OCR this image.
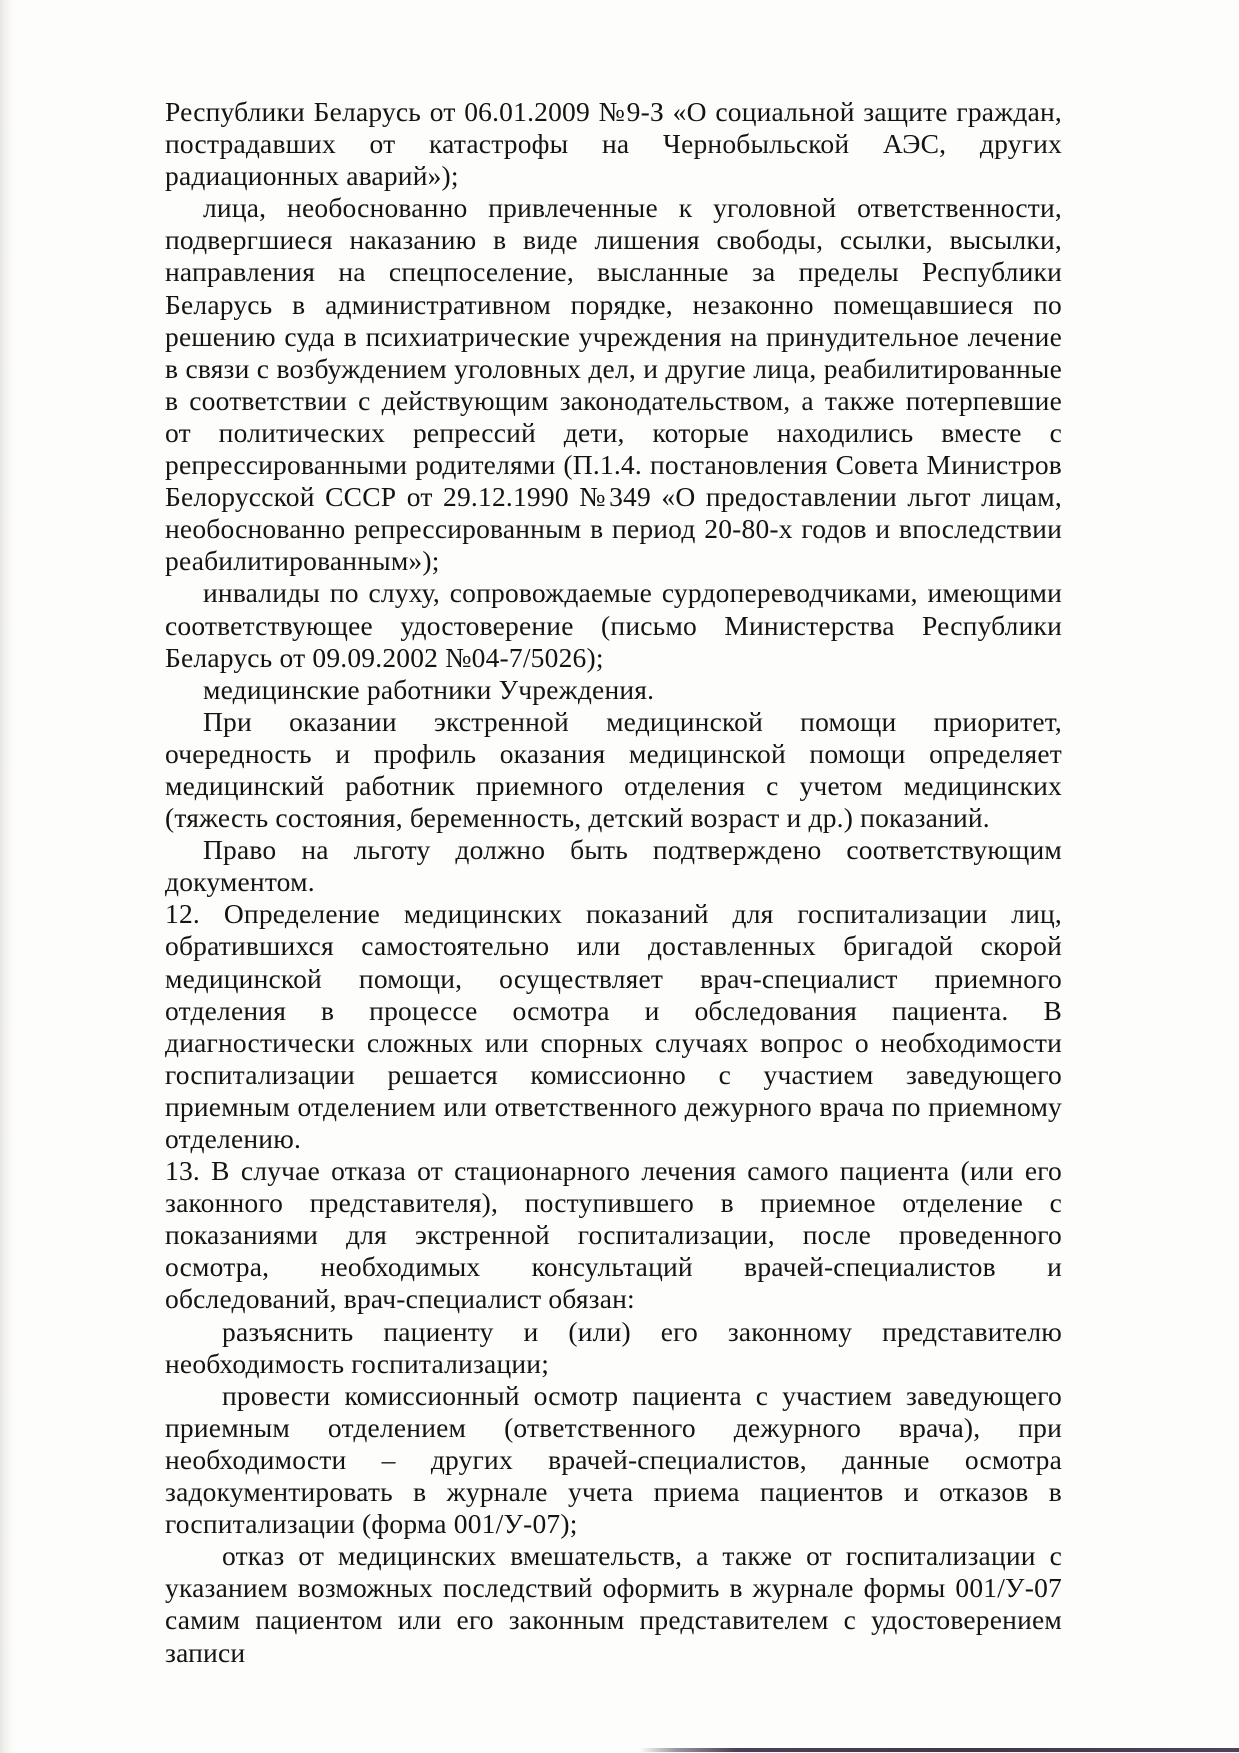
Республики Беларусь от 06.01.2009 №9-З «О социальной защите граждан, пострадавших от катастрофы на Чернобыльской АЭС, других радиационных аварий»);

лица, необоснованно привлеченные к уголовной ответственности, подвергшиеся наказанию в виде лишения свободы, ссылки, высылки, направления на спецпоселение, высланные за пределы Республики Беларусь в административном порядке, незаконно помещавшиеся по решению суда в психиатрические учреждения на принудительное лечение в связи с возбуждением уголовных дел, и другие лица, реабилитированные в соответствии с действующим законодательством, а также потерпевшие от политических репрессий дети, которые находились вместе с репрессированными родителями (П.1.4. постановления Совета Министров Белорусской СССР от 29.12.1990 №349 «О предоставлении льгот лицам, необоснованно репрессированным в период 20-80-х годов и впоследствии реабилитированным»);

инвалиды по слуху, сопровождаемые сурдопереводчиками, имеющими соответствующее удостоверение (письмо Министерства Республики Беларусь от 09.09.2002 №04-7/5026);

медицинские работники Учреждения.

При оказании экстренной медицинской помощи приоритет, очередность и профиль оказания медицинской помощи определяет медицинский работник приемного отделения с учетом медицинских (тяжесть состояния, беременность, детский возраст и др.) показаний.

Право на льготу должно быть подтверждено соответствующим документом.

12. Определение медицинских показаний для госпитализации лиц, обратившихся самостоятельно или доставленных бригадой скорой медицинской помощи, осуществляет врач-специалист приемного отделения в процессе осмотра и обследования пациента. В диагностически сложных или спорных случаях вопрос о необходимости госпитализации решается комиссионно с участием заведующего приемным отделением или ответственного дежурного врача по приемному отделению.

13. В случае отказа от стационарного лечения самого пациента (или его законного представителя), поступившего в приемное отделение с показаниями для экстренной госпитализации, после проведенного осмотра, необходимых консультаций врачей-специалистов и обследований, врач-специалист обязан:

разъяснить пациенту и (или) его законному представителю необходимость госпитализации;

провести комиссионный осмотр пациента с участием заведующего приемным отделением (ответственного дежурного врача), при необходимости – других врачей-специалистов, данные осмотра задокументировать в журнале учета приема пациентов и отказов в госпитализации (форма 001/У-07);

отказ от медицинских вмешательств, а также от госпитализации с указанием возможных последствий оформить в журнале формы 001/У-07 самим пациентом или его законным представителем с удостоверением записи
